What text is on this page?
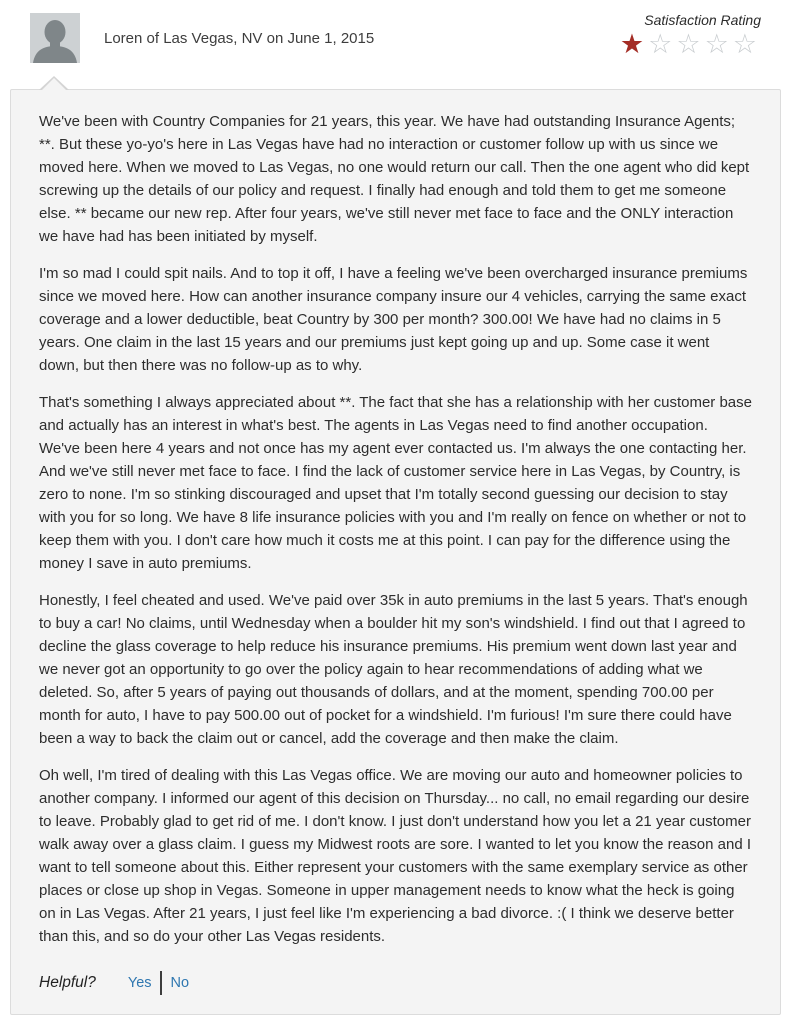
Loren of Las Vegas, NV on June 1, 2015
Satisfaction Rating
★☆☆☆☆

We've been with Country Companies for 21 years, this year. We have had outstanding Insurance Agents; **. But these yo-yo's here in Las Vegas have had no interaction or customer follow up with us since we moved here. When we moved to Las Vegas, no one would return our call. Then the one agent who did kept screwing up the details of our policy and request. I finally had enough and told them to get me someone else. ** became our new rep. After four years, we've still never met face to face and the ONLY interaction we have had has been initiated by myself.

I'm so mad I could spit nails. And to top it off, I have a feeling we've been overcharged insurance premiums since we moved here. How can another insurance company insure our 4 vehicles, carrying the same exact coverage and a lower deductible, beat Country by 300 per month? 300.00! We have had no claims in 5 years. One claim in the last 15 years and our premiums just kept going up and up. Some case it went down, but then there was no follow-up as to why.

That's something I always appreciated about **. The fact that she has a relationship with her customer base and actually has an interest in what's best. The agents in Las Vegas need to find another occupation. We've been here 4 years and not once has my agent ever contacted us. I'm always the one contacting her. And we've still never met face to face. I find the lack of customer service here in Las Vegas, by Country, is zero to none. I'm so stinking discouraged and upset that I'm totally second guessing our decision to stay with you for so long. We have 8 life insurance policies with you and I'm really on fence on whether or not to keep them with you. I don't care how much it costs me at this point. I can pay for the difference using the money I save in auto premiums.

Honestly, I feel cheated and used. We've paid over 35k in auto premiums in the last 5 years. That's enough to buy a car! No claims, until Wednesday when a boulder hit my son's windshield. I find out that I agreed to decline the glass coverage to help reduce his insurance premiums. His premium went down last year and we never got an opportunity to go over the policy again to hear recommendations of adding what we deleted. So, after 5 years of paying out thousands of dollars, and at the moment, spending 700.00 per month for auto, I have to pay 500.00 out of pocket for a windshield. I'm furious! I'm sure there could have been a way to back the claim out or cancel, add the coverage and then make the claim.

Oh well, I'm tired of dealing with this Las Vegas office. We are moving our auto and homeowner policies to another company. I informed our agent of this decision on Thursday... no call, no email regarding our desire to leave. Probably glad to get rid of me. I don't know. I just don't understand how you let a 21 year customer walk away over a glass claim. I guess my Midwest roots are sore. I wanted to let you know the reason and I want to tell someone about this. Either represent your customers with the same exemplary service as other places or close up shop in Vegas. Someone in upper management needs to know what the heck is going on in Las Vegas. After 21 years, I just feel like I'm experiencing a bad divorce. :( I think we deserve better than this, and so do your other Las Vegas residents.

Helpful? Yes No
